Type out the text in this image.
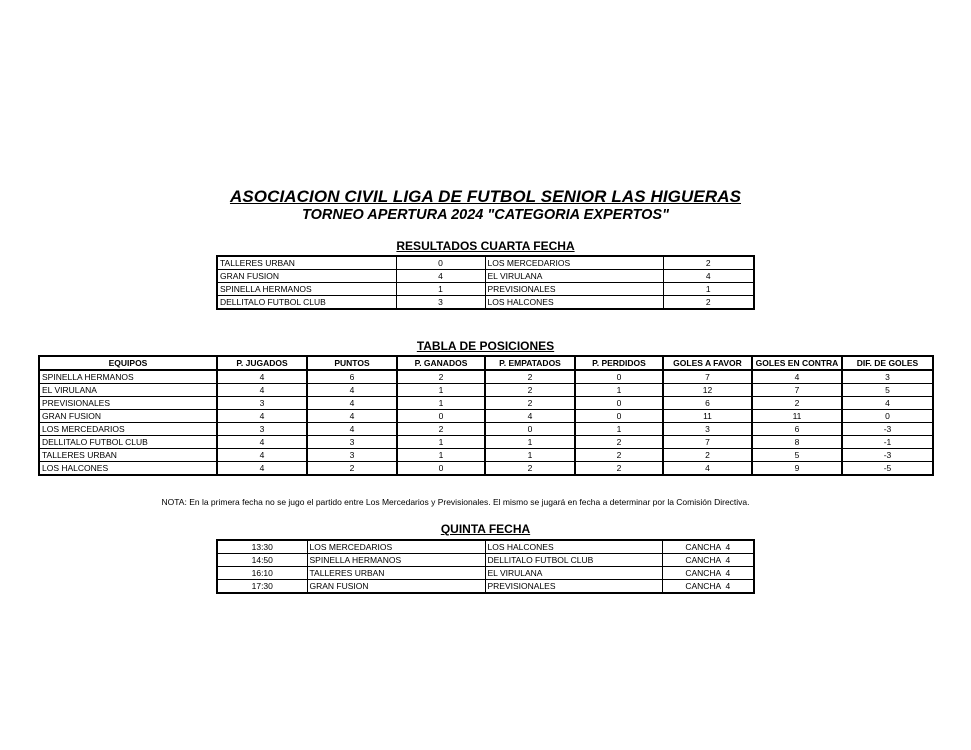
ASOCIACION CIVIL LIGA DE FUTBOL SENIOR LAS HIGUERAS
TORNEO APERTURA 2024 "CATEGORIA EXPERTOS"
RESULTADOS CUARTA FECHA
TALLERES URBAN	0	LOS MERCEDARIOS	2
GRAN FUSION	4	EL VIRULANA	4
SPINELLA HERMANOS	1	PREVISIONALES	1
DELLITALO FUTBOL CLUB	3	LOS HALCONES	2
TABLA DE POSICIONES
EQUIPOS	P. JUGADOS	PUNTOS	P. GANADOS	P. EMPATADOS	P. PERDIDOS	GOLES A FAVOR	GOLES EN CONTRA	DIF. DE GOLES
SPINELLA HERMANOS	4	6	2	2	0	7	4	3
EL VIRULANA	4	4	1	2	1	12	7	5
PREVISIONALES	3	4	1	2	0	6	2	4
GRAN FUSION	4	4	0	4	0	11	11	0
LOS MERCEDARIOS	3	4	2	0	1	3	6	-3
DELLITALO FUTBOL CLUB	4	3	1	1	2	7	8	-1
TALLERES URBAN	4	3	1	1	2	2	5	-3
LOS HALCONES	4	2	0	2	2	4	9	-5
NOTA: En la primera fecha no se jugo el partido entre Los Mercedarios y Previsionales. El mismo se jugará en fecha a determinar por la Comisión Directiva.
QUINTA FECHA
13:30	LOS MERCEDARIOS	LOS HALCONES	CANCHA  4
14:50	SPINELLA HERMANOS	DELLITALO FUTBOL CLUB	CANCHA  4
16:10	TALLERES URBAN	EL VIRULANA	CANCHA  4
17:30	GRAN FUSION	PREVISIONALES	CANCHA  4
